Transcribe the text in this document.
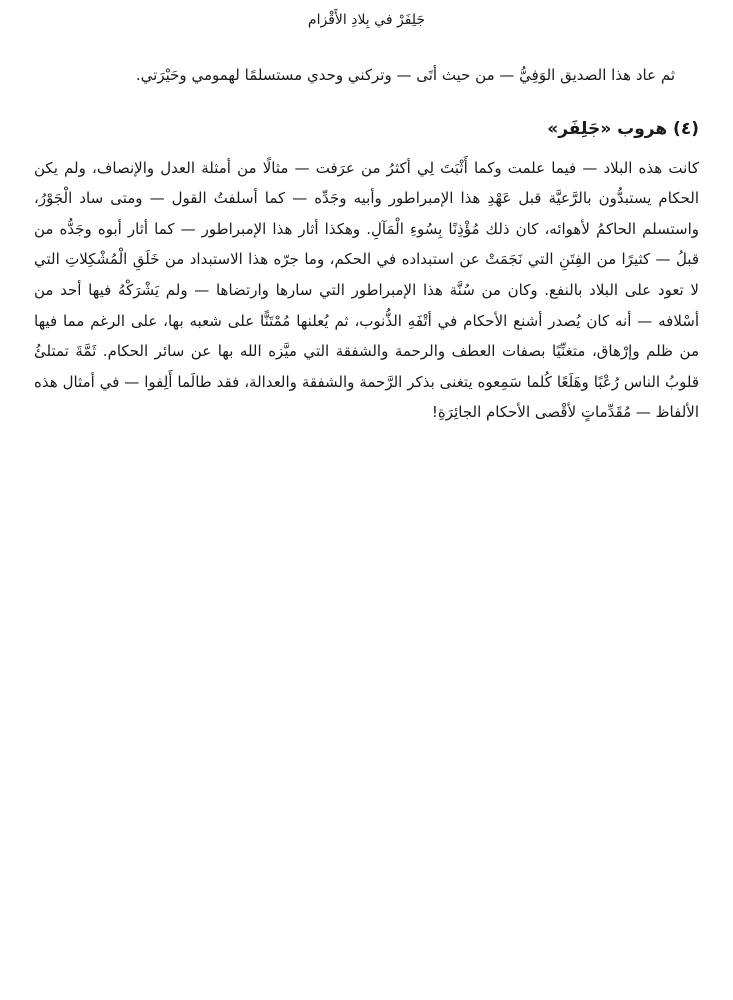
جَلِفَرْ في بِلادِ الأَقْزام

ثم عاد هذا الصديق الوَفِيُّ — من حيث أتَى — وتركني وحدي مستسلمًا لهمومي وحَيْرَتي.

(٤) هروب «جَلِفَر»

كانت هذه البلاد — فيما علمت وكما أَثْبَتَ لِي أكثرُ من عرَفت — مثالًا من أمثلة العدل والإنصاف، ولم يكن الحكام يستبدُّون بالرَّعيَّة قبل عَهْدِ هذا الإمبراطور وأبيه وجَدِّه — كما أسلفتُ القول — ومتى ساد الْجَوْرُ، واستسلم الحاكمُ لأهوائه، كان ذلك مُؤْذِنًا بِسُوءِ الْمَآلِ. وهكذا أثار هذا الإمبراطور — كما أثار أبوه وجَدُّه من قبلُ — كثيرًا من الفِتَنِ التي نَجَمَتْ عن استبداده في الحكم، وما جرّه هذا الاستبداد من خَلَقِ الْمُشْكِلاتِ التي لا تعود على البلاد بالنفع. وكان من سُنَّة هذا الإمبراطور التي سارها وارتضاها — ولم يَشْرَكْهُ فيها أحد من أسْلافه — أنه كان يُصدر أشنع الأحكام في أتْفَهِ الذُّنوب، ثم يُعلنها مُمْتَنًّا على شعبه بها، على الرغم مما فيها من ظلم وإرْهاق، متغنِّيًا بصفات العطف والرحمة والشفقة التي ميَّزه الله بها عن سائر الحكام. ثَمَّةَ تمتلئُ قلوبُ الناس رُعْبًا وهَلَعًا كُلما سَمِعوه يتغنى بذكر الرَّحمة والشفقة والعدالة، فقد طالَما أَلِفوا — في أمثال هذه الألفاظ — مُقَدِّماتٍ لأقْصى الأحكام الجائِرَةِ!
